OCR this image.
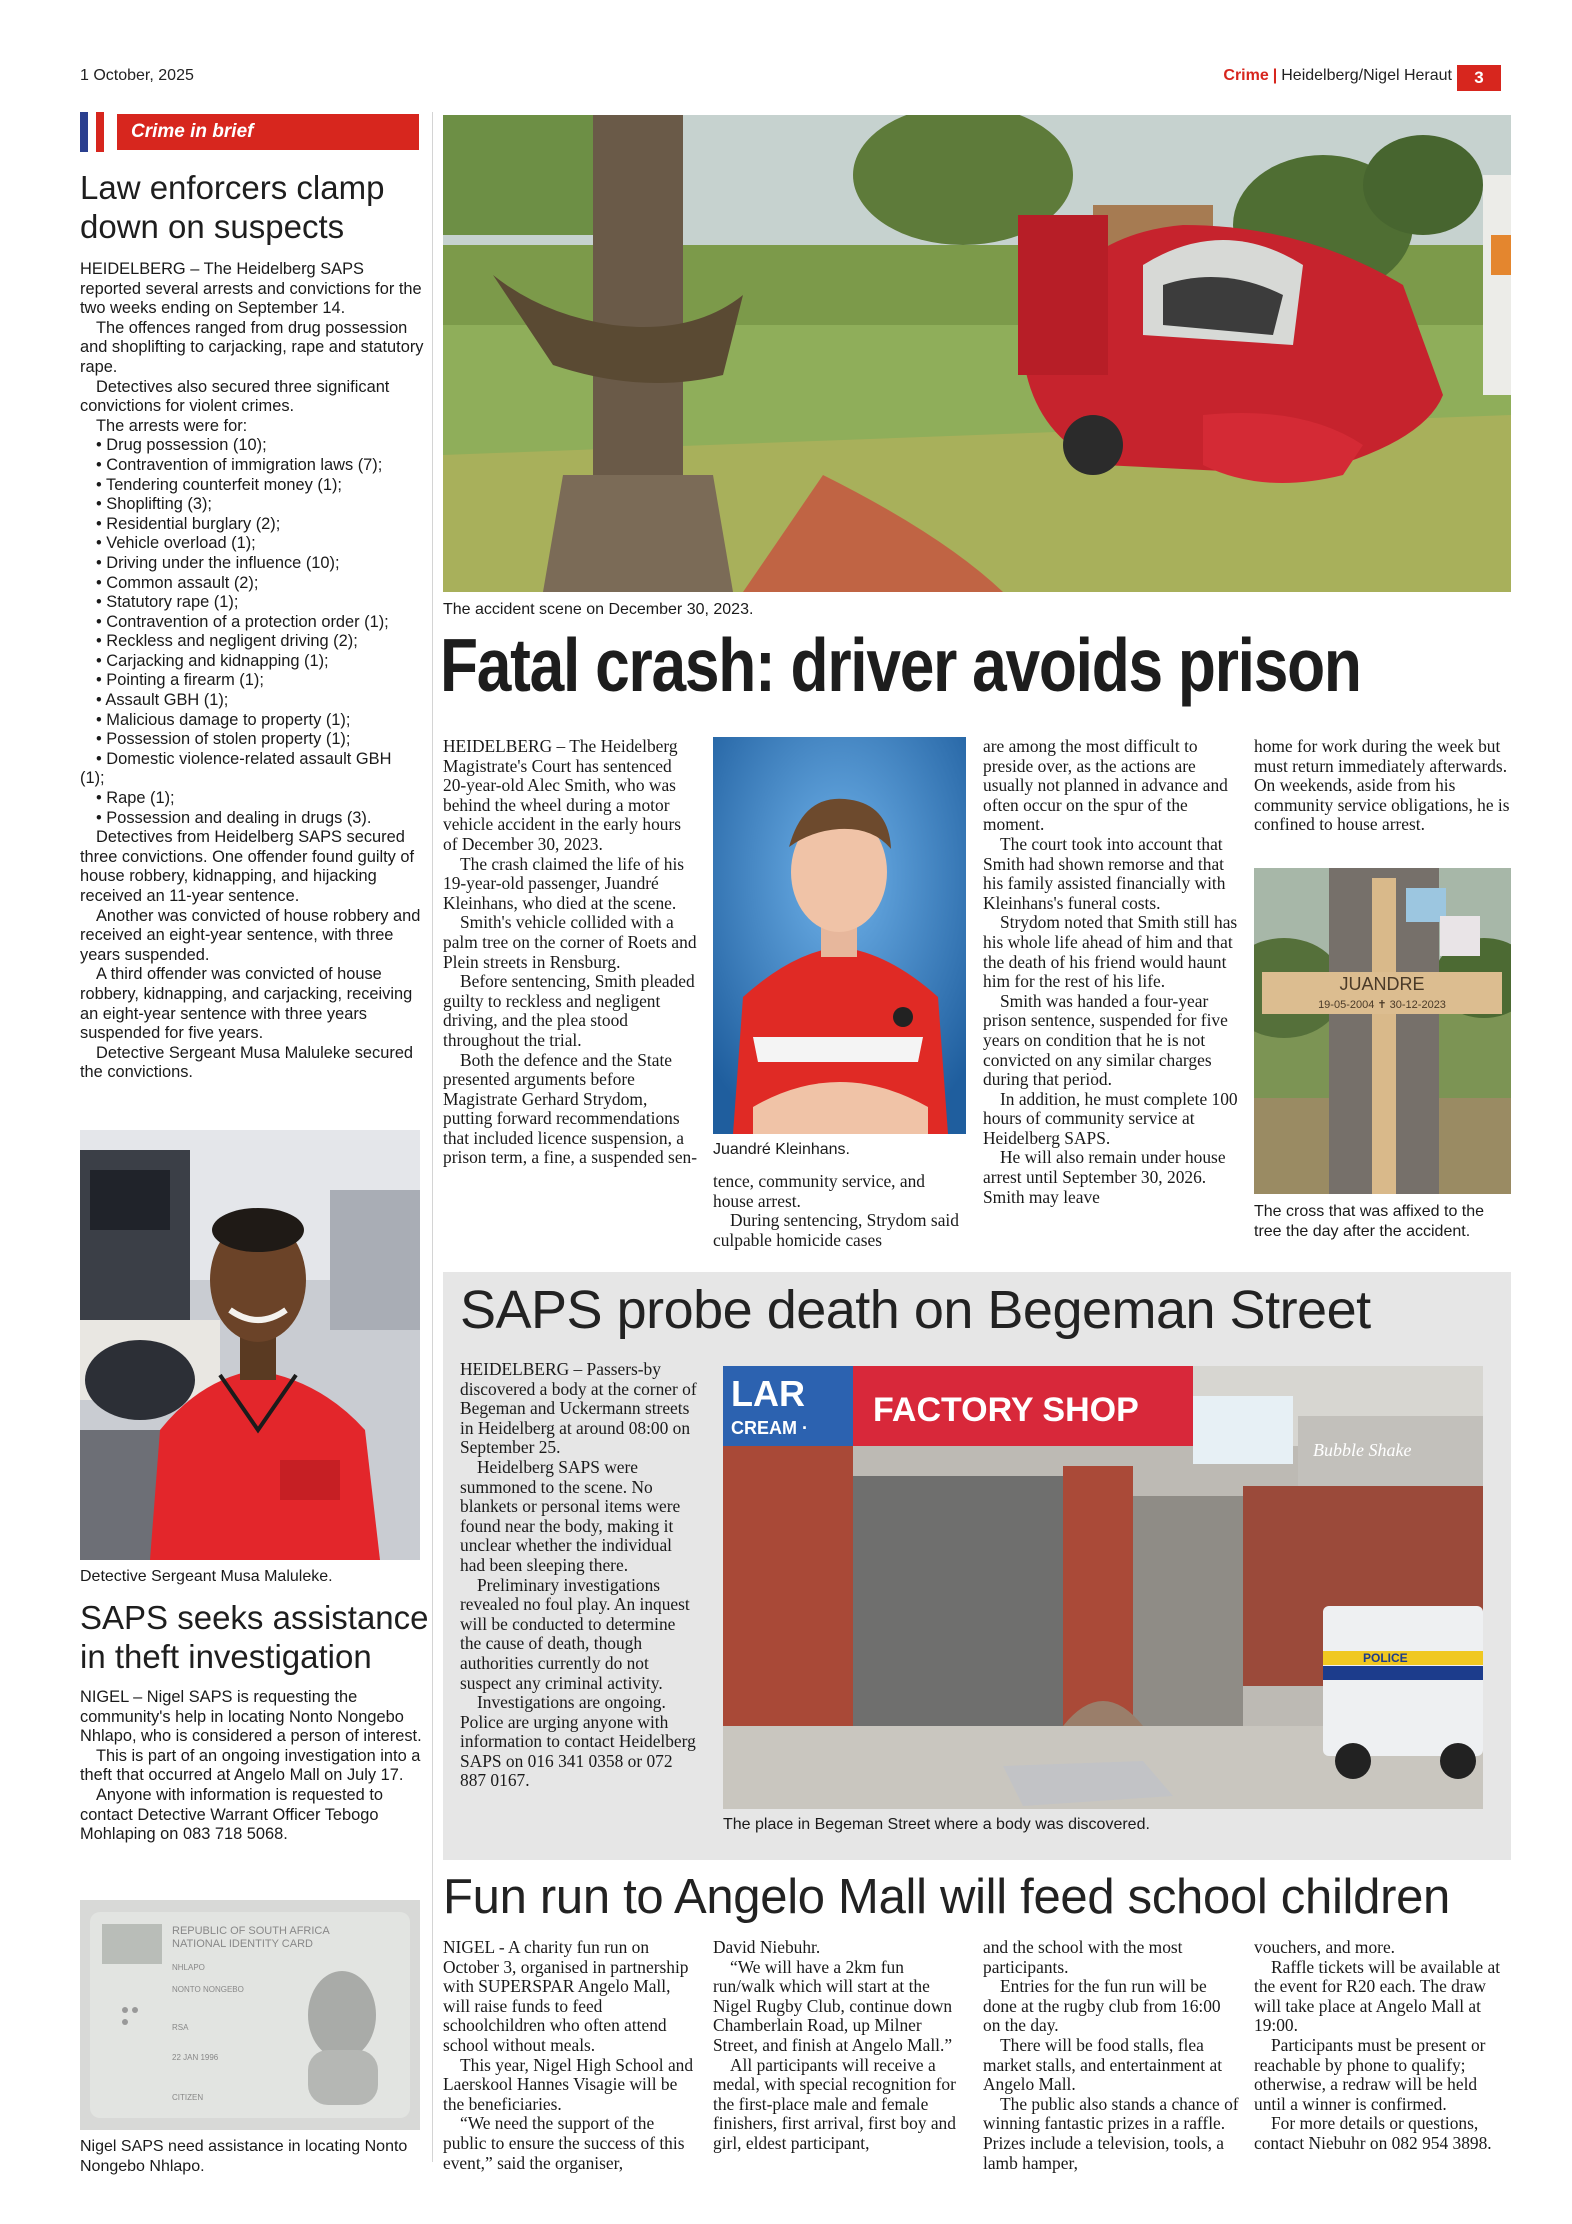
1 October, 2025	Crime | Heidelberg/Nigel Heraut	3
Crime in brief
Law enforcers clamp down on suspects

HEIDELBERG – The Heidelberg SAPS reported several arrests and convictions for the two weeks ending on September 14.

The offences ranged from drug possession and shoplifting to carjacking, rape and statutory rape.

Detectives also secured three significant convictions for violent crimes.

The arrests were for:

• Drug possession (10);
• Contravention of immigration laws (7);
• Tendering counterfeit money (1);
• Shoplifting (3);
• Residential burglary (2);
• Vehicle overload (1);
• Driving under the influence (10);
• Common assault (2);
• Statutory rape (1);
• Contravention of a protection order (1);
• Reckless and negligent driving (2);
• Carjacking and kidnapping (1);
• Pointing a firearm (1);
• Assault GBH (1);
• Malicious damage to property (1);
• Possession of stolen property (1);
• Domestic violence-related assault GBH
(1);
• Rape (1);
• Possession and dealing in drugs (3).

Detectives from Heidelberg SAPS secured three convictions. One offender found guilty of house robbery, kidnapping, and hijacking received an 11-year sentence.

Another was convicted of house robbery and received an eight-year sentence, with three years suspended.

A third offender was convicted of house robbery, kidnapping, and carjacking, receiving an eight-year sentence with three years suspended for five years.

Detective Sergeant Musa Maluleke secured the convictions.

Detective Sergeant Musa Maluleke.
SAPS seeks assistance in theft investigation

NIGEL – Nigel SAPS is requesting the community's help in locating Nonto Nongebo Nhlapo, who is considered a person of interest.

This is part of an ongoing investigation into a theft that occurred at Angelo Mall on July 17.

Anyone with information is requested to contact Detective Warrant Officer Tebogo Mohlaping on 083 718 5068.

REPUBLIC OF SOUTH AFRICA
NATIONAL IDENTITY CARD
NHLAPO
NONTO NONGEBO
RSA
22 JAN 1996
CITIZEN
Nigel SAPS need assistance in locating Nonto Nongebo Nhlapo.
The accident scene on December 30, 2023.
Fatal crash: driver avoids prison

HEIDELBERG – The Heidelberg Magistrate's Court has sentenced 20-year-old Alec Smith, who was behind the wheel during a motor vehicle accident in the early hours of December 30, 2023.

The crash claimed the life of his 19-year-old passenger, Juandré Kleinhans, who died at the scene.

Smith's vehicle collided with a palm tree on the corner of Roets and Plein streets in Rensburg.

Before sentencing, Smith pleaded guilty to reckless and negligent driving, and the plea stood throughout the trial.

Both the defence and the State presented arguments before Magistrate Gerhard Strydom, putting forward recommendations that included licence suspension, a prison term, a fine, a suspended sen- Juandré Kleinhans.

tence, community service, and house arrest.

During sentencing, Strydom said culpable homicide cases

are among the most difficult to preside over, as the actions are usually not planned in advance and often occur on the spur of the moment.

The court took into account that Smith had shown remorse and that his family assisted financially with Kleinhans's funeral costs.

Strydom noted that Smith still has his whole life ahead of him and that the death of his friend would haunt him for the rest of his life.

Smith was handed a four-year prison sentence, suspended for five years on condition that he is not convicted on any similar charges during that period.

In addition, he must complete 100 hours of community service at Heidelberg SAPS.

He will also remain under house arrest until September 30, 2026. Smith may leave

home for work during the week but must return immediately afterwards. On weekends, aside from his community service obligations, he is confined to house arrest.

JUANDRE
19-05-2004 ✝ 30-12-2023
The cross that was affixed to the tree the day after the accident.
SAPS probe death on Begeman Street

HEIDELBERG – Passers-by discovered a body at the corner of Begeman and Uckermann streets in Heidelberg at around 08:00 on September 25.

Heidelberg SAPS were summoned to the scene. No blankets or personal items were found near the body, making it unclear whether the individual had been sleeping there.

Preliminary investigations revealed no foul play. An inquest will be conducted to determine the cause of death, though authorities currently do not suspect any criminal activity.

Investigations are ongoing. Police are urging anyone with information to contact Heidelberg SAPS on 016 341 0358 or 072 887 0167.

LAR
CREAM · FACTORY SHOP
Bubble Shake
POLICE
The place in Begeman Street where a body was discovered.
Fun run to Angelo Mall will feed school children

NIGEL - A charity fun run on October 3, organised in partnership with SUPERSPAR Angelo Mall, will raise funds to feed schoolchildren who often attend school without meals.

This year, Nigel High School and Laerskool Hannes Visagie will be the beneficiaries.

“We need the support of the public to ensure the success of this event,” said the organiser,

David Niebuhr.

“We will have a 2km fun run/walk which will start at the Nigel Rugby Club, continue down Chamberlain Road, up Milner Street, and finish at Angelo Mall.”

All participants will receive a medal, with special recognition for the first-place male and female finishers, first arrival, first boy and girl, eldest participant,

and the school with the most participants.

Entries for the fun run will be done at the rugby club from 16:00 on the day.

There will be food stalls, flea market stalls, and entertainment at Angelo Mall.

The public also stands a chance of winning fantastic prizes in a raffle. Prizes include a television, tools, a lamb hamper,

vouchers, and more.

Raffle tickets will be available at the event for R20 each. The draw will take place at Angelo Mall at 19:00.

Participants must be present or reachable by phone to qualify; otherwise, a redraw will be held until a winner is confirmed.

For more details or questions, contact Niebuhr on 082 954 3898.
